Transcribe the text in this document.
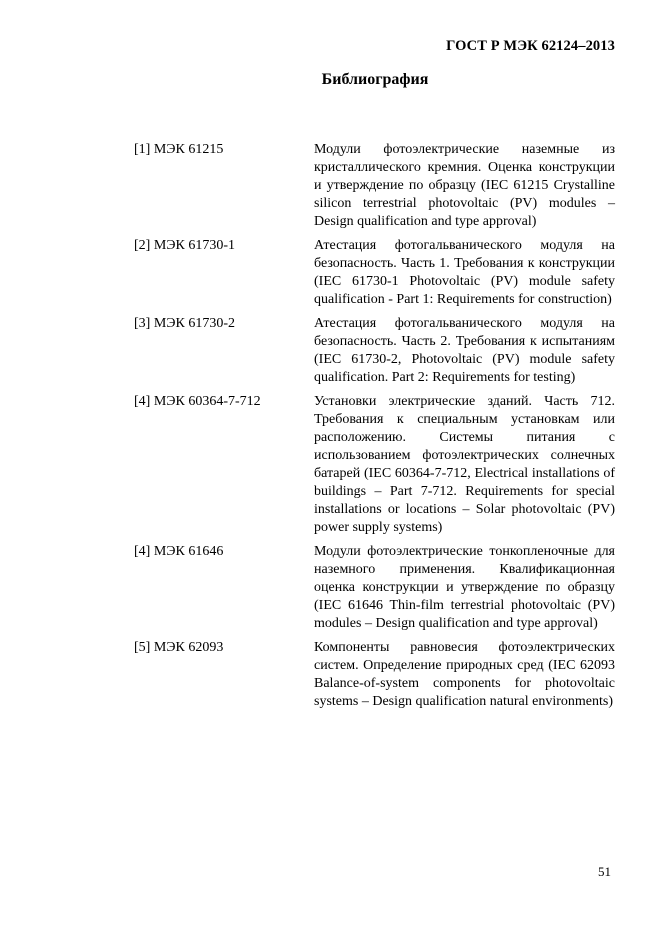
ГОСТ Р МЭК 62124–2013
Библиография
[1] МЭК 61215	Модули фотоэлектрические наземные из кристаллического кремния. Оценка конструкции и утверждение по образцу (IEC 61215 Crystalline silicon terrestrial photovoltaic (PV) modules – Design qualification and type approval)
[2] МЭК 61730-1	Атестация фотогальванического модуля на безопасность. Часть 1. Требования к конструкции (IEC 61730-1 Photovoltaic (PV) module safety qualification - Part 1: Requirements for construction)
[3] МЭК 61730-2	Атестация фотогальванического модуля на безопасность. Часть 2. Требования к испытаниям (IEC 61730-2, Photovoltaic (PV) module safety qualification. Part 2: Requirements for testing)
[4] МЭК 60364-7-712	Установки электрические зданий. Часть 712. Требования к специальным установкам или расположению. Системы питания с использованием фотоэлектрических солнечных батарей (IEC 60364-7-712, Electrical installations of buildings – Part 7-712. Requirements for special installations or locations – Solar photovoltaic (PV) power supply systems)
[4] МЭК 61646	Модули фотоэлектрические тонкопленочные для наземного применения. Квалификационная оценка конструкции и утверждение по образцу (IEC 61646 Thin-film terrestrial photovoltaic (PV) modules – Design qualification and type approval)
[5] МЭК 62093	Компоненты равновесия фотоэлектрических систем. Определение природных сред (IEC 62093 Balance-of-system components for photovoltaic systems – Design qualification natural environments)
51
